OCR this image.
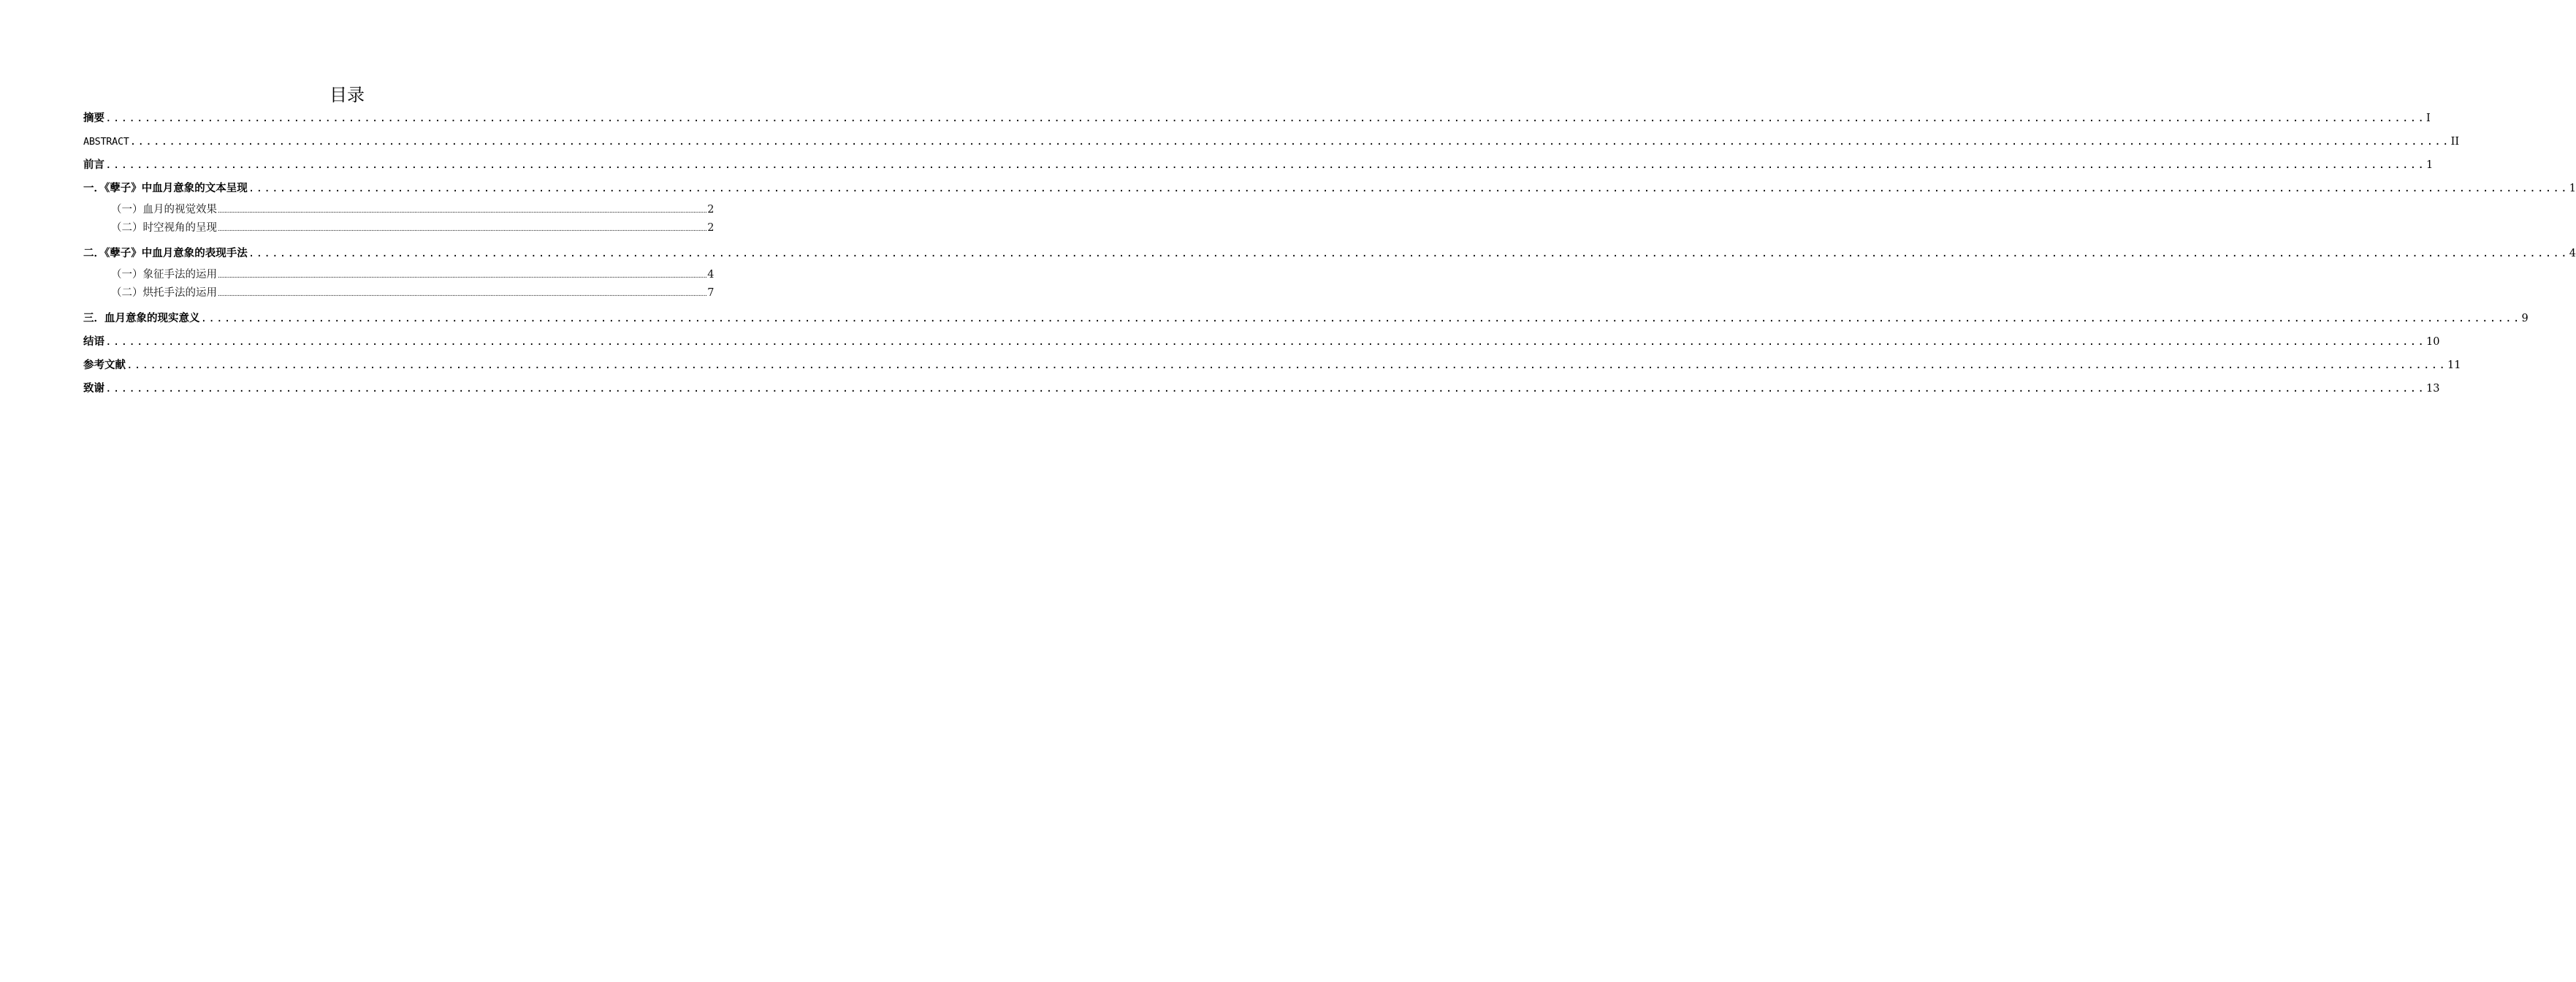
目录
摘要 ........................................................................................................................................................................................................................................................................................................ I
ABSTRACT ........................................................................................................................................................................................................................................................................................................ II
前言 ........................................................................................................................................................................................................................................................................................................ 1
一．《孽子》中血月意象的文本呈现 ........................................................................................................................................................................................................................................................................................................ 1
（一）血月的视觉效果 ........................................................................................................................................................................................................................................................................................................ 2
（二）时空视角的呈现 ........................................................................................................................................................................................................................................................................................................ 2
二．《孽子》中血月意象的表现手法 ........................................................................................................................................................................................................................................................................................................ 4
（一）象征手法的运用 ........................................................................................................................................................................................................................................................................................................ 4
（二）烘托手法的运用 ........................................................................................................................................................................................................................................................................................................ 7
三．血月意象的现实意义 ........................................................................................................................................................................................................................................................................................................ 9
结语 ........................................................................................................................................................................................................................................................................................................ 10
参考文献 ........................................................................................................................................................................................................................................................................................................ 11
致谢 ........................................................................................................................................................................................................................................................................................................ 13
